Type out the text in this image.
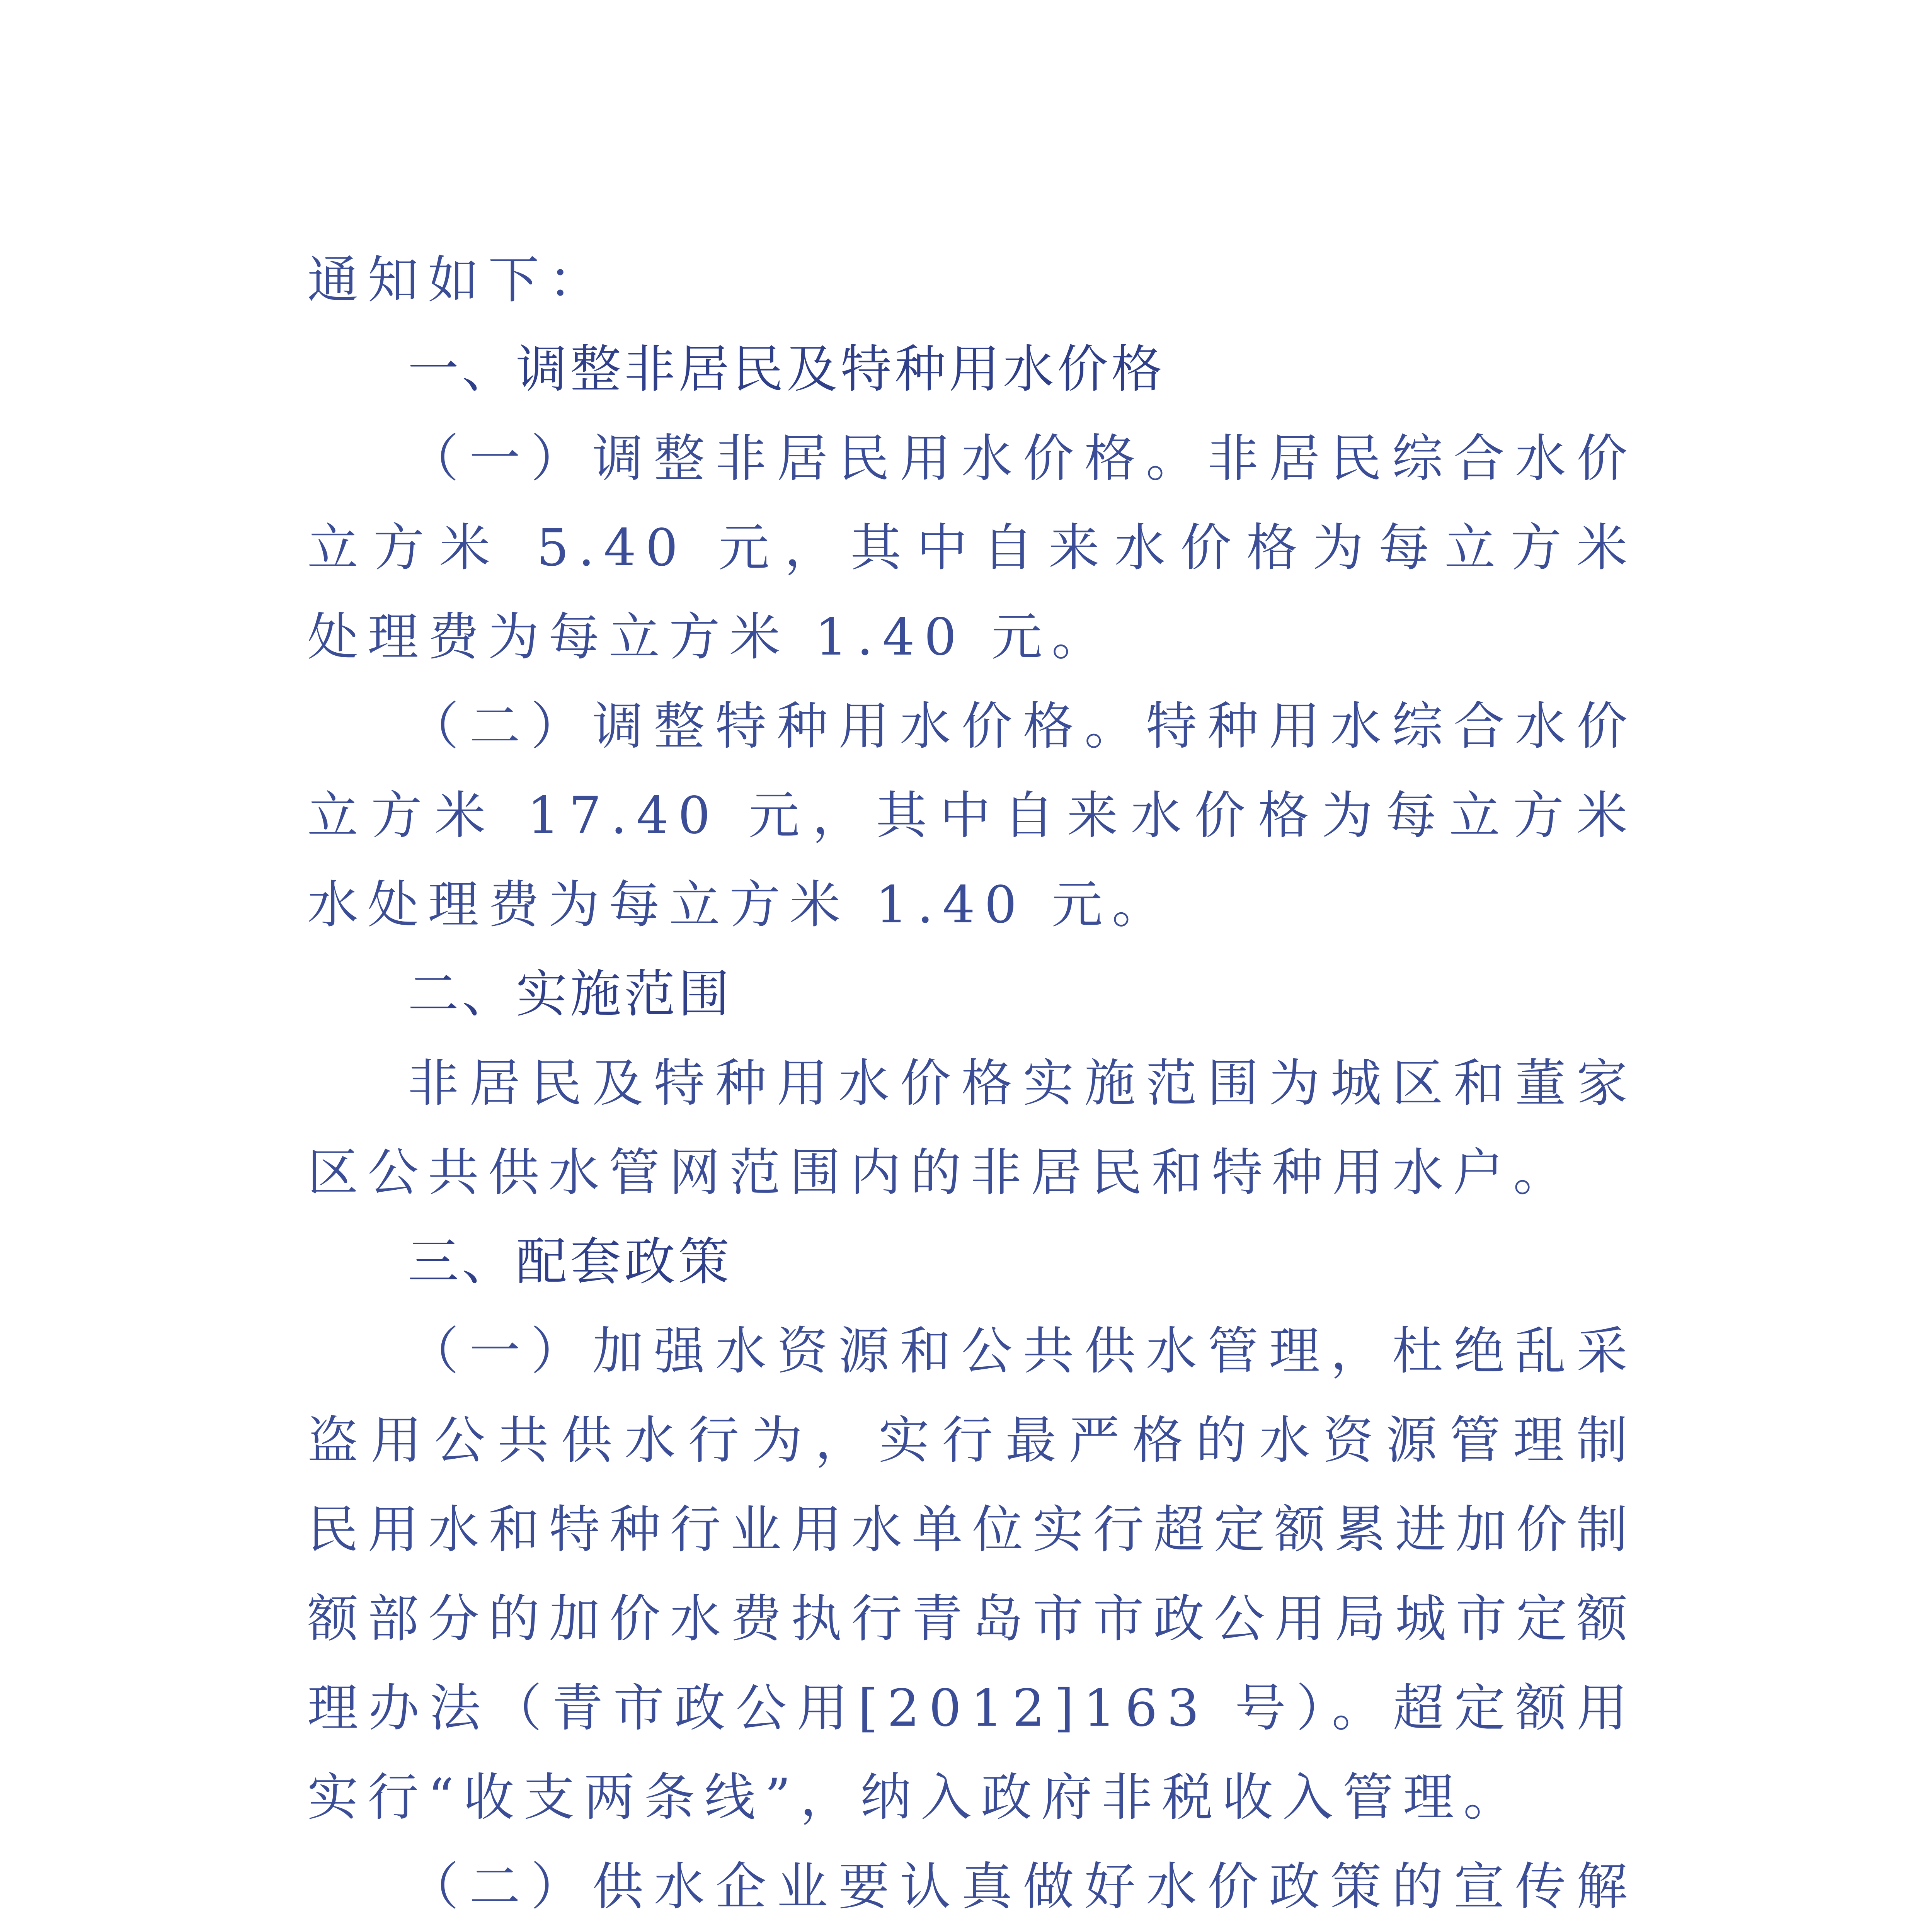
通知如下：
一、调整非居民及特种用水价格
（一）调整非居民用水价格。非居民综合水价
立方米 5.40 元，其中自来水价格为每立方米
处理费为每立方米 1.40 元。
（二）调整特种用水价格。特种用水综合水价
立方米 17.40 元，其中自来水价格为每立方米
水处理费为每立方米 1.40 元。
二、实施范围
非居民及特种用水价格实施范围为城区和董家
区公共供水管网范围内的非居民和特种用水户。
三、配套政策
（一）加强水资源和公共供水管理，杜绝乱采
盗用公共供水行为，实行最严格的水资源管理制
民用水和特种行业用水单位实行超定额累进加价制
额部分的加价水费执行青岛市市政公用局城市定额
理办法（青市政公用[2012]163 号）。超定额用
实行“收支两条线”，纳入政府非税收入管理。
（二）供水企业要认真做好水价政策的宣传解
